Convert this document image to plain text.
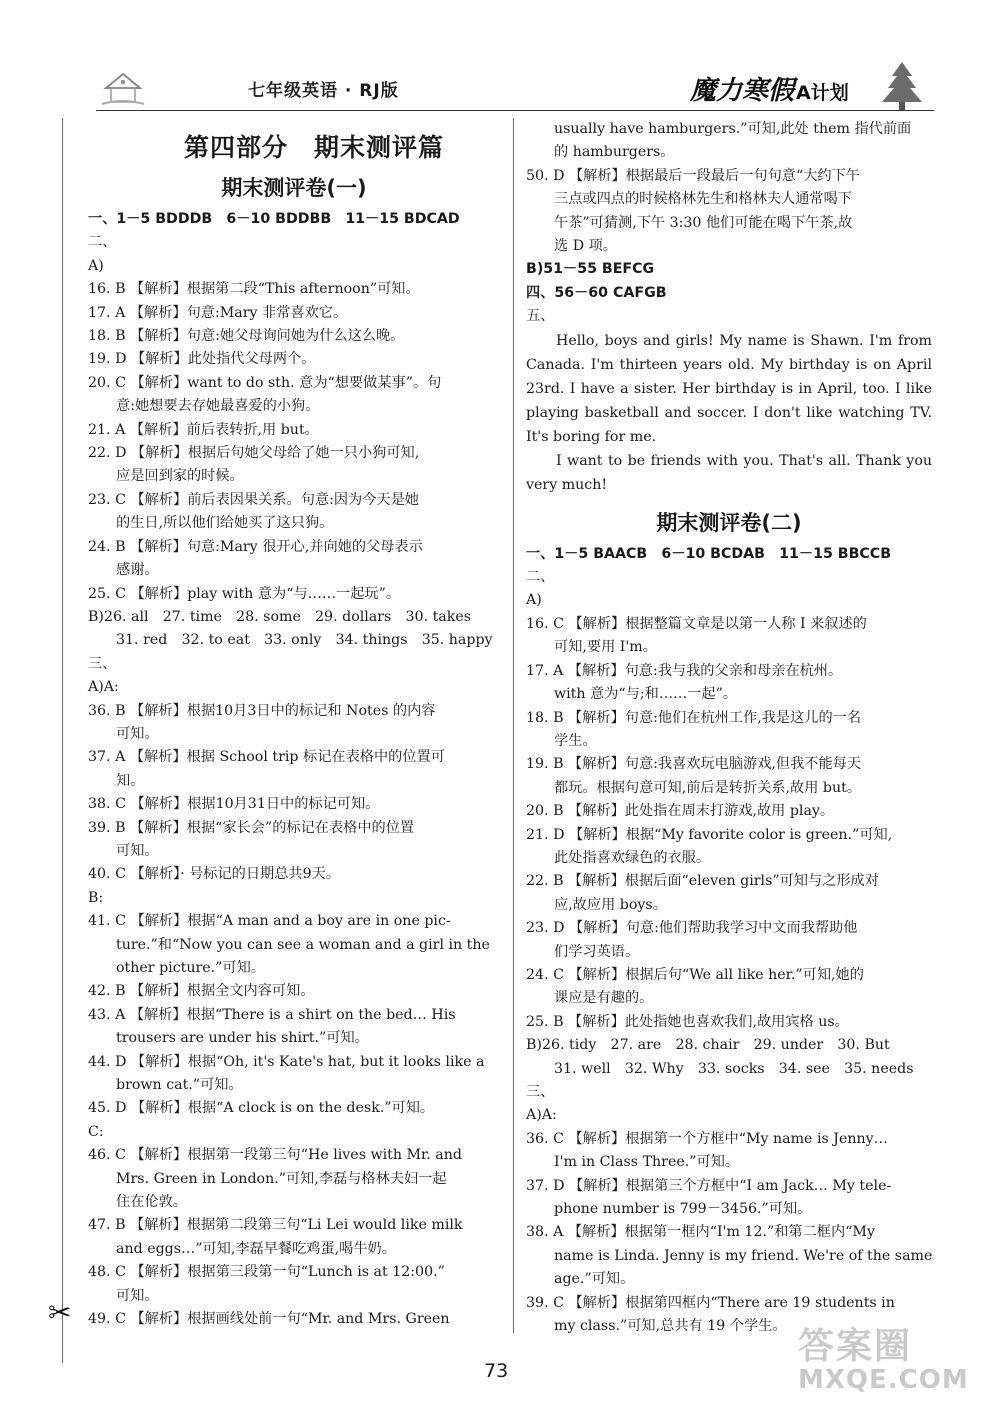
七年级英语 · RJ版	魔力寒假 A计划
第四部分　期末测评篇
期末测评卷(一)
一、1－5 BDDDB　6－10 BDDBB　11－15 BDCAD
二、
A)
16. B 【解析】根据第二段“This afternoon”可知。
17. A 【解析】句意:Mary 非常喜欢它。
18. B 【解析】句意:她父母询问她为什么这么晚。
19. D 【解析】此处指代父母两个。
20. C 【解析】want to do sth. 意为“想要做某事”。句
意:她想要去存她最喜爱的小狗。
21. A 【解析】前后表转折,用 but。
22. D 【解析】根据后句她父母给了她一只小狗可知,
应是回到家的时候。
23. C 【解析】前后表因果关系。句意:因为今天是她
的生日,所以他们给她买了这只狗。
24. B 【解析】句意:Mary 很开心,并向她的父母表示
感谢。
25. C 【解析】play with 意为“与……一起玩”。
B)26. all　27. time　28. some　29. dollars　30. takes
31. red　32. to eat　33. only　34. things　35. happy
三、
A)A:
36. B 【解析】根据10月3日中的标记和 Notes 的内容
可知。
37. A 【解析】根据 School trip 标记在表格中的位置可
知。
38. C 【解析】根据10月31日中的标记可知。
39. B 【解析】根据“家长会”的标记在表格中的位置
可知。
40. C 【解析】· 号标记的日期总共9天。
B:
41. C 【解析】根据“A man and a boy are in one pic-
ture.”和“Now you can see a woman and a girl in the
other picture.”可知。
42. B 【解析】根据全文内容可知。
43. A 【解析】根据“There is a shirt on the bed… His
trousers are under his shirt.”可知。
44. D 【解析】根据“Oh, it's Kate's hat, but it looks like a
brown cat.”可知。
45. D 【解析】根据“A clock is on the desk.”可知。
C:
46. C 【解析】根据第一段第三句“He lives with Mr. and
Mrs. Green in London.”可知,李磊与格林夫妇一起
住在伦敦。
47. B 【解析】根据第二段第三句“Li Lei would like milk
and eggs…”可知,李磊早餐吃鸡蛋,喝牛奶。
48. C 【解析】根据第三段第一句“Lunch is at 12:00.”
可知。
49. C 【解析】根据画线处前一句“Mr. and Mrs. Green
usually have hamburgers.”可知,此处 them 指代前面
的 hamburgers。
50. D 【解析】根据最后一段最后一句句意“大约下午
三点或四点的时候格林先生和格林夫人通常喝下
午茶”可猜测,下午 3:30 他们可能在喝下午茶,故
选 D 项。
B)51－55 BEFCG
四、56－60 CAFGB
五、

Hello, boys and girls! My name is Shawn. I'm from Canada. I'm thirteen years old. My birthday is on April 23rd. I have a sister. Her birthday is in April, too. I like playing basketball and soccer. I don't like watching TV. It's boring for me.

I want to be friends with you. That's all. Thank you very much!

期末测评卷(二)
一、1－5 BAACB　6－10 BCDAB　11－15 BBCCB
二、
A)
16. C 【解析】根据整篇文章是以第一人称 I 来叙述的
可知,要用 I'm。
17. A 【解析】句意:我与我的父亲和母亲在杭州。
with 意为“与;和……一起”。
18. B 【解析】句意:他们在杭州工作,我是这儿的一名
学生。
19. B 【解析】句意:我喜欢玩电脑游戏,但我不能每天
都玩。根据句意可知,前后是转折关系,故用 but。
20. B 【解析】此处指在周末打游戏,故用 play。
21. D 【解析】根据“My favorite color is green.”可知,
此处指喜欢绿色的衣服。
22. B 【解析】根据后面“eleven girls”可知与之形成对
应,故应用 boys。
23. D 【解析】句意:他们帮助我学习中文而我帮助他
们学习英语。
24. C 【解析】根据后句“We all like her.”可知,她的
课应是有趣的。
25. B 【解析】此处指她也喜欢我们,故用宾格 us。
B)26. tidy　27. are　28. chair　29. under　30. But
31. well　32. Why　33. socks　34. see　35. needs
三、
A)A:
36. C 【解析】根据第一个方框中“My name is Jenny…
I'm in Class Three.”可知。
37. D 【解析】根据第三个方框中“I am Jack… My tele-
phone number is 799－3456.”可知。
38. A 【解析】根据第一框内“I'm 12.”和第二框内“My
name is Linda. Jenny is my friend. We're of the same
age.”可知。
39. C 【解析】根据第四框内“There are 19 students in
my class.”可知,总共有 19 个学生。
✂
73
答案圈
MXQE.COM
